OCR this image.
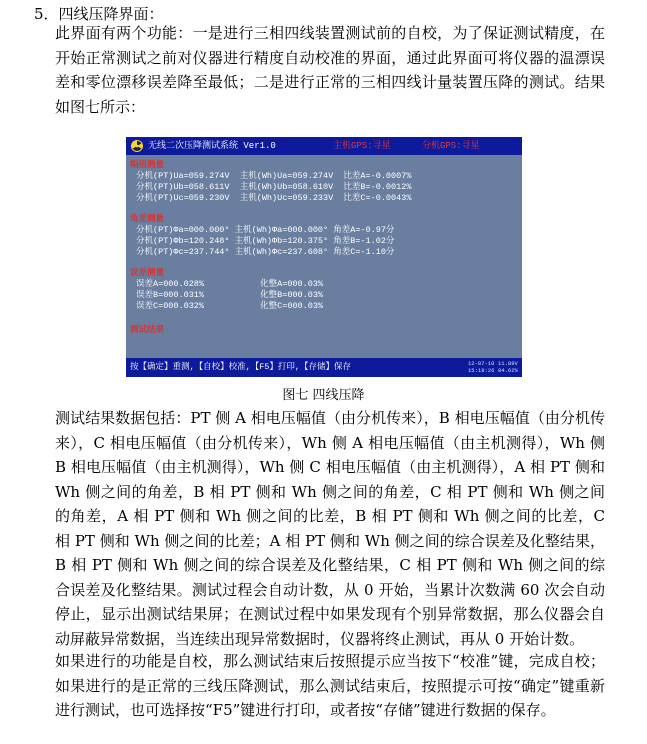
5．四线压降界面：
此界面有两个功能：一是进行三相四线装置测试前的自校，为了保证测试精度，在开始正常测试之前对仪器进行精度自动校准的界面，通过此界面可将仪器的温漂误差和零位漂移误差降至最低；二是进行正常的三相四线计量装置压降的测试。结果如图七所示：
无线二次压降测试系统 Ver1.0	主机GPS:寻星	分机GPS:寻星
幅值测量
分机(PT)Ua=059.274V  主机(Wh)Ua=059.274V  比差A=-0.0007%
分机(PT)Ub=058.611V  主机(Wh)Ub=058.610V  比差B=-0.0012%
分机(PT)Uc=059.230V  主机(Wh)Uc=059.233V  比差C=-0.0043%
角差测量
分机(PT)Φa=000.000° 主机(Wh)Φa=000.000° 角差A=-0.97分
分机(PT)Φb=120.248° 主机(Wh)Φb=120.375° 角差B=-1.02分
分机(PT)Φc=237.744° 主机(Wh)Φc=237.608° 角差C=-1.10分
误差测量
误差A=000.028%           化整A=000.03%
误差B=000.031%           化整B=000.03%
误差C=000.032%           化整C=000.03%
测试结果
按【确定】重测,【自校】校准,【F5】打印,【存储】保存	12-07-10
15:18:26
11.89V
84.62%
图七 四线压降
测试结果数据包括：PT 侧 A 相电压幅值（由分机传来），B 相电压幅值（由分机传来），C 相电压幅值（由分机传来），Wh 侧 A 相电压幅值（由主机测得），Wh 侧 B 相电压幅值（由主机测得），Wh 侧 C 相电压幅值（由主机测得），A 相 PT 侧和 Wh 侧之间的角差，B 相 PT 侧和 Wh 侧之间的角差，C 相 PT 侧和 Wh 侧之间的角差，A 相 PT 侧和 Wh 侧之间的比差，B 相 PT 侧和 Wh 侧之间的比差，C 相 PT 侧和 Wh 侧之间的比差；A 相 PT 侧和 Wh 侧之间的综合误差及化整结果，B 相 PT 侧和 Wh 侧之间的综合误差及化整结果，C 相 PT 侧和 Wh 侧之间的综合误差及化整结果。测试过程会自动计数，从 0 开始，当累计次数满 60 次会自动停止，显示出测试结果屏；在测试过程中如果发现有个别异常数据，那么仪器会自动屏蔽异常数据，当连续出现异常数据时，仪器将终止测试，再从 0 开始计数。
如果进行的功能是自校，那么测试结束后按照提示应当按下“校准”键，完成自校；如果进行的是正常的三线压降测试，那么测试结束后，按照提示可按“确定”键重新进行测试，也可选择按“F5”键进行打印，或者按“存储”键进行数据的保存。
